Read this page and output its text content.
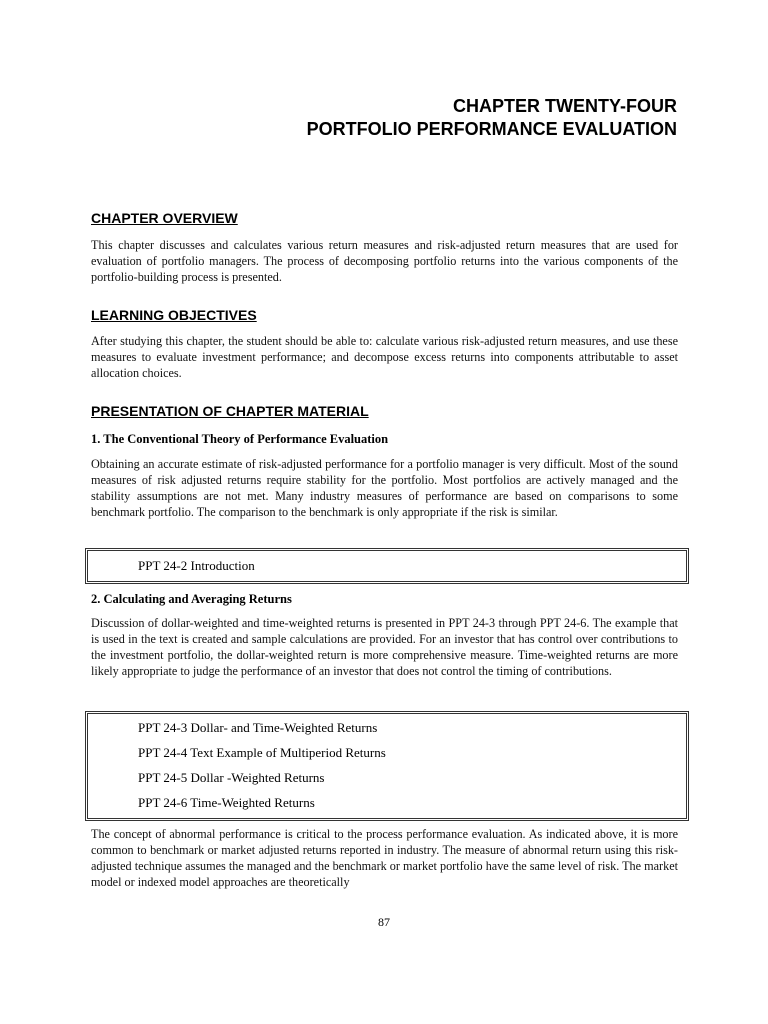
CHAPTER TWENTY-FOUR
PORTFOLIO PERFORMANCE EVALUATION
CHAPTER OVERVIEW
This chapter discusses and calculates various return measures and risk-adjusted return measures that are used for evaluation of portfolio managers. The process of decomposing portfolio returns into the various components of the portfolio-building process is presented.
LEARNING OBJECTIVES
After studying this chapter, the student should be able to: calculate various risk-adjusted return measures, and use these measures to evaluate investment performance; and decompose excess returns into components attributable to asset allocation choices.
PRESENTATION OF CHAPTER MATERIAL
1. The Conventional Theory of Performance Evaluation
Obtaining an accurate estimate of risk-adjusted performance for a portfolio manager is very difficult. Most of the sound measures of risk adjusted returns require stability for the portfolio. Most portfolios are actively managed and the stability assumptions are not met. Many industry measures of performance are based on comparisons to some benchmark portfolio. The comparison to the benchmark is only appropriate if the risk is similar.
PPT 24-2 Introduction
2. Calculating and Averaging Returns
Discussion of dollar-weighted and time-weighted returns is presented in PPT 24-3 through PPT 24-6. The example that is used in the text is created and sample calculations are provided. For an investor that has control over contributions to the investment portfolio, the dollar-weighted return is more comprehensive measure. Time-weighted returns are more likely appropriate to judge the performance of an investor that does not control the timing of contributions.
PPT 24-3 Dollar- and Time-Weighted Returns
PPT 24-4 Text Example of Multiperiod Returns
PPT 24-5 Dollar -Weighted Returns
PPT 24-6 Time-Weighted Returns
The concept of abnormal performance is critical to the process performance evaluation. As indicated above, it is more common to benchmark or market adjusted returns reported in industry. The measure of abnormal return using this risk-adjusted technique assumes the managed and the benchmark or market portfolio have the same level of risk. The market model or indexed model approaches are theoretically
87
